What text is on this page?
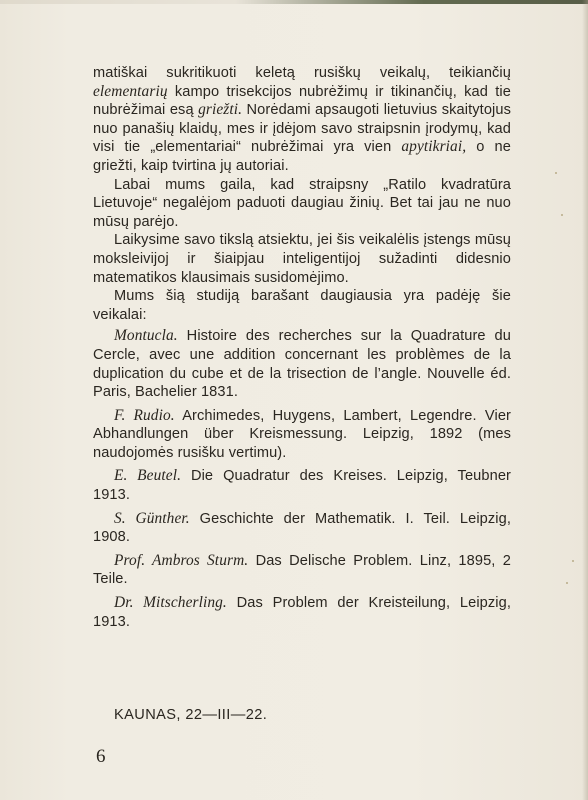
matiškai sukritikuoti keletą rusiškų veikalų, teikiančių elementarių kampo trisekcijos nubrėžimų ir tikinančių, kad tie nubrėžimai esą griežti. Norėdami apsaugoti lietuvius skaitytojus nuo panašių klaidų, mes ir įdėjom savo straipsnin įrodymų, kad visi tie „elementariai“ nubrėžimai yra vien apytikriai, o ne griežti, kaip tvirtina jų autoriai.

Labai mums gaila, kad straipsny „Ratilo kvadratūra Lietuvoje“ negalėjom paduoti daugiau žinių. Bet tai jau ne nuo mūsų parėjo.

Laikysime savo tikslą atsiektu, jei šis veikalėlis įstengs mūsų moksleivijoj ir šiaipjau inteligentijoj sužadinti didesnio matematikos klausimais susidomėjimo.

Mums šią studiją barašant daugiausia yra padėję šie veikalai:

Montucla. Histoire des recherches sur la Quadrature du Cercle, avec une addition concernant les problèmes de la duplication du cube et de la trisection de l’angle. Nouvelle éd. Paris, Bachelier 1831.

F. Rudio. Archimedes, Huygens, Lambert, Legendre. Vier Abhandlungen über Kreismessung. Leipzig, 1892 (mes naudojomės rusišku vertimu).

E. Beutel. Die Quadratur des Kreises. Leipzig, Teubner 1913.

S. Günther. Geschichte der Mathematik. I. Teil. Leipzig, 1908.

Prof. Ambros Sturm. Das Delische Problem. Linz, 1895, 2 Teile.

Dr. Mitscherling. Das Problem der Kreisteilung, Leipzig, 1913.

KAUNAS, 22—III—22.
6
